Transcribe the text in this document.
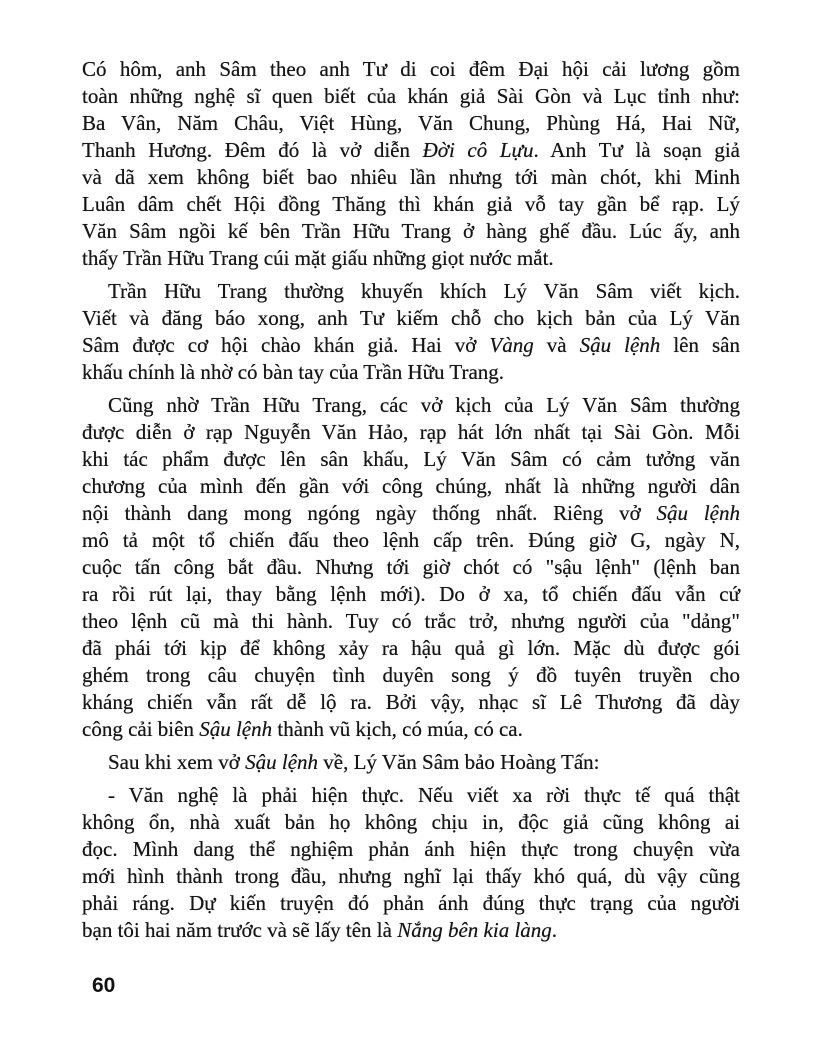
Có hôm, anh Sâm theo anh Tư di coi đêm Đại hội cải lương gồm
toàn những nghệ sĩ quen biết của khán giả Sài Gòn và Lục tỉnh như:
Ba Vân, Năm Châu, Việt Hùng, Văn Chung, Phùng Há, Hai Nữ,
Thanh Hương. Đêm đó là vở diễn Đời cô Lựu. Anh Tư là soạn giả
và dã xem không biết bao nhiêu lần nhưng tới màn chót, khi Minh
Luân dâm chết Hội đồng Thăng thì khán giả vỗ tay gần bể rạp. Lý
Văn Sâm ngồi kế bên Trần Hữu Trang ở hàng ghế đầu. Lúc ấy, anh
thấy Trần Hữu Trang cúi mặt giấu những giọt nước mắt.
Trần Hữu Trang thường khuyến khích Lý Văn Sâm viết kịch.
Viết và đăng báo xong, anh Tư kiếm chỗ cho kịch bản của Lý Văn
Sâm được cơ hội chào khán giả. Hai vở Vàng và Sậu lệnh lên sân
khấu chính là nhờ có bàn tay của Trần Hữu Trang.
Cũng nhờ Trần Hữu Trang, các vở kịch của Lý Văn Sâm thường
được diễn ở rạp Nguyễn Văn Hảo, rạp hát lớn nhất tại Sài Gòn. Mỗi
khi tác phẩm được lên sân khấu, Lý Văn Sâm có cảm tưởng văn
chương của mình đến gần với công chúng, nhất là những người dân
nội thành dang mong ngóng ngày thống nhất. Riêng vở Sậu lệnh
mô tả một tổ chiến đấu theo lệnh cấp trên. Đúng giờ G, ngày N,
cuộc tấn công bắt đầu. Nhưng tới giờ chót có "sậu lệnh" (lệnh ban
ra rồi rút lại, thay bằng lệnh mới). Do ở xa, tổ chiến đấu vẫn cứ
theo lệnh cũ mà thi hành. Tuy có trắc trở, nhưng người của "dảng"
đã phái tới kịp để không xảy ra hậu quả gì lớn. Mặc dù được gói
ghém trong câu chuyện tình duyên song ý đồ tuyên truyền cho
kháng chiến vẫn rất dễ lộ ra. Bởi vậy, nhạc sĩ Lê Thương đã dày
công cải biên Sậu lệnh thành vũ kịch, có múa, có ca.
Sau khi xem vở Sậu lệnh về, Lý Văn Sâm bảo Hoàng Tấn:
- Văn nghệ là phải hiện thực. Nếu viết xa rời thực tế quá thật
không ổn, nhà xuất bản họ không chịu in, độc giả cũng không ai
đọc. Mình dang thể nghiệm phản ánh hiện thực trong chuyện vừa
mới hình thành trong đầu, nhưng nghĩ lại thấy khó quá, dù vậy cũng
phải ráng. Dự kiến truyện đó phản ánh đúng thực trạng của người
bạn tôi hai năm trước và sẽ lấy tên là Nắng bên kia làng.
60
